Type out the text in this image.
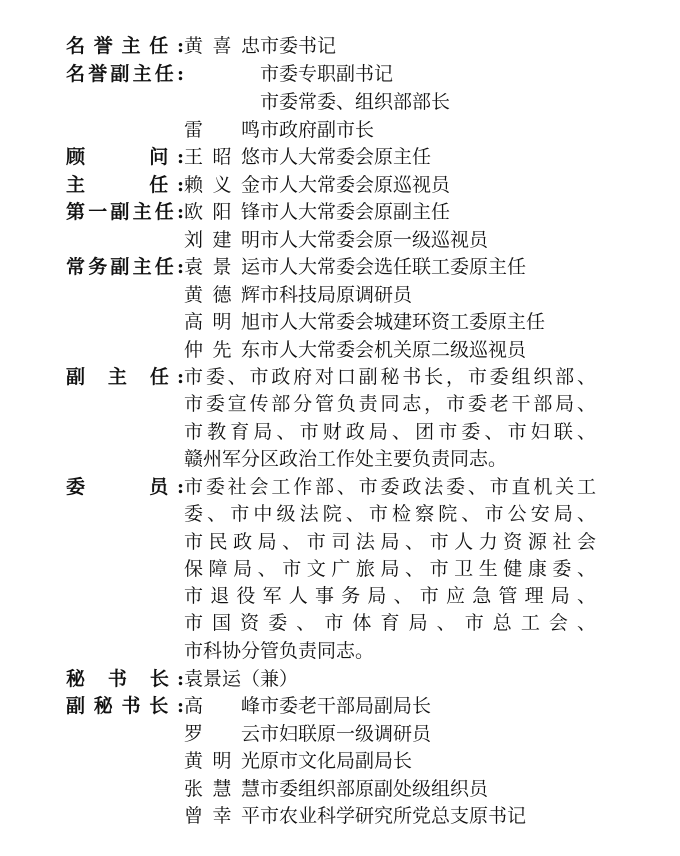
名誉主任: 黄喜忠 市委书记
名誉副主任:	市委专职副书记
市委常委、组织部部长
雷　鸣 市政府副市长
顾　　问: 王昭悠 市人大常委会原主任
主　　任: 赖义金 市人大常委会原巡视员
第一副主任: 欧阳锋 市人大常委会原副主任
刘建明 市人大常委会原一级巡视员
常务副主任: 袁景运 市人大常委会选任联工委原主任
黄德辉 市科技局原调研员
高明旭 市人大常委会城建环资工委原主任
仲先东 市人大常委会机关原二级巡视员
副 主 任: 市委、市政府对口副秘书长，市委组织部、
市委宣传部分管负责同志，市委老干部局、
市教育局、市财政局、团市委、市妇联、
赣州军分区政治工作处主要负责同志。
委　　员: 市委社会工作部、市委政法委、市直机关工
委、市中级法院、市检察院、市公安局、
市民政局、市司法局、市人力资源社会
保障局、市文广旅局、市卫生健康委、
市退役军人事务局、市应急管理局、
市国资委、市体育局、市总工会、
市科协分管负责同志。
秘 书 长: 袁景运（兼）
副秘书长: 高　峰 市委老干部局副局长
罗　云 市妇联原一级调研员
黄明光 原市文化局副局长
张慧慧 市委组织部原副处级组织员
曾幸平 市农业科学研究所党总支原书记
